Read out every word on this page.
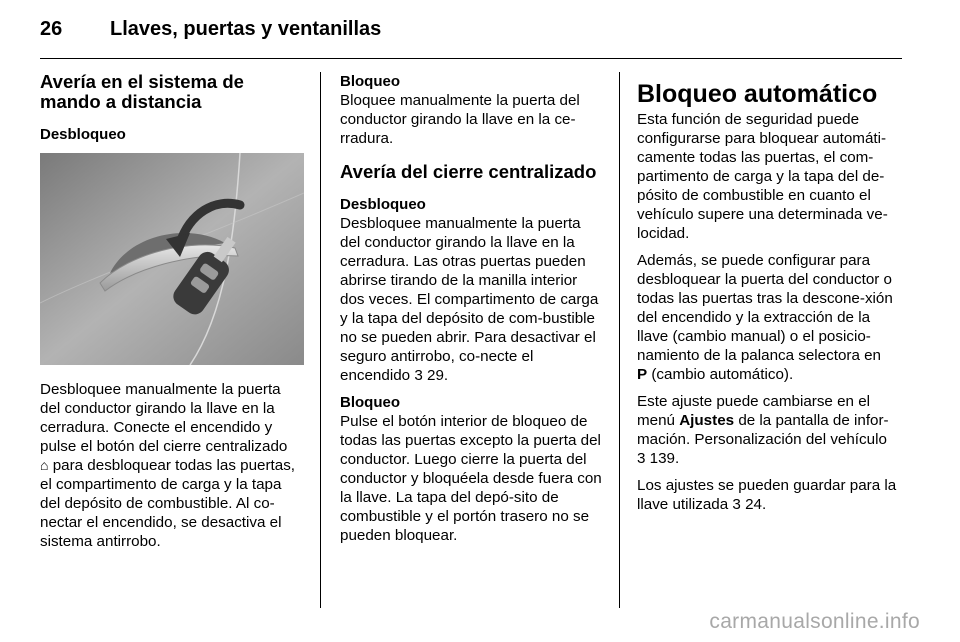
26 Llaves, puertas y ventanillas
Avería en el sistema de mando a distancia
Desbloqueo

Desbloquee manualmente la puerta del conductor girando la llave en la cerradura. Conecte el encendido y pulse el botón del cierre centralizado
⌂ para desbloquear todas las puertas, el compartimento de carga y la tapa del depósito de combustible. Al co-nectar el encendido, se desactiva el sistema antirrobo.

Bloqueo

Bloquee manualmente la puerta del conductor girando la llave en la ce-rradura.

Avería del cierre centralizado
Desbloqueo

Desbloquee manualmente la puerta del conductor girando la llave en la cerradura. Las otras puertas pueden abrirse tirando de la manilla interior dos veces. El compartimento de carga y la tapa del depósito de com-bustible no se pueden abrir. Para desactivar el seguro antirrobo, co-necte el encendido 3 29.

Bloqueo

Pulse el botón interior de bloqueo de todas las puertas excepto la puerta del conductor. Luego cierre la puerta del conductor y bloquéela desde fuera con la llave. La tapa del depó-sito de combustible y el portón trasero no se pueden bloquear.

Bloqueo automático

Esta función de seguridad puede configurarse para bloquear automáti-camente todas las puertas, el com-partimento de carga y la tapa del de-pósito de combustible en cuanto el vehículo supere una determinada ve-locidad.

Además, se puede configurar para desbloquear la puerta del conductor o todas las puertas tras la descone-xión del encendido y la extracción de la llave (cambio manual) o el posicio-namiento de la palanca selectora en
P (cambio automático).

Este ajuste puede cambiarse en el menú Ajustes de la pantalla de infor-mación. Personalización del vehículo
3 139.

Los ajustes se pueden guardar para la llave utilizada 3 24.

carmanualsonline.info
